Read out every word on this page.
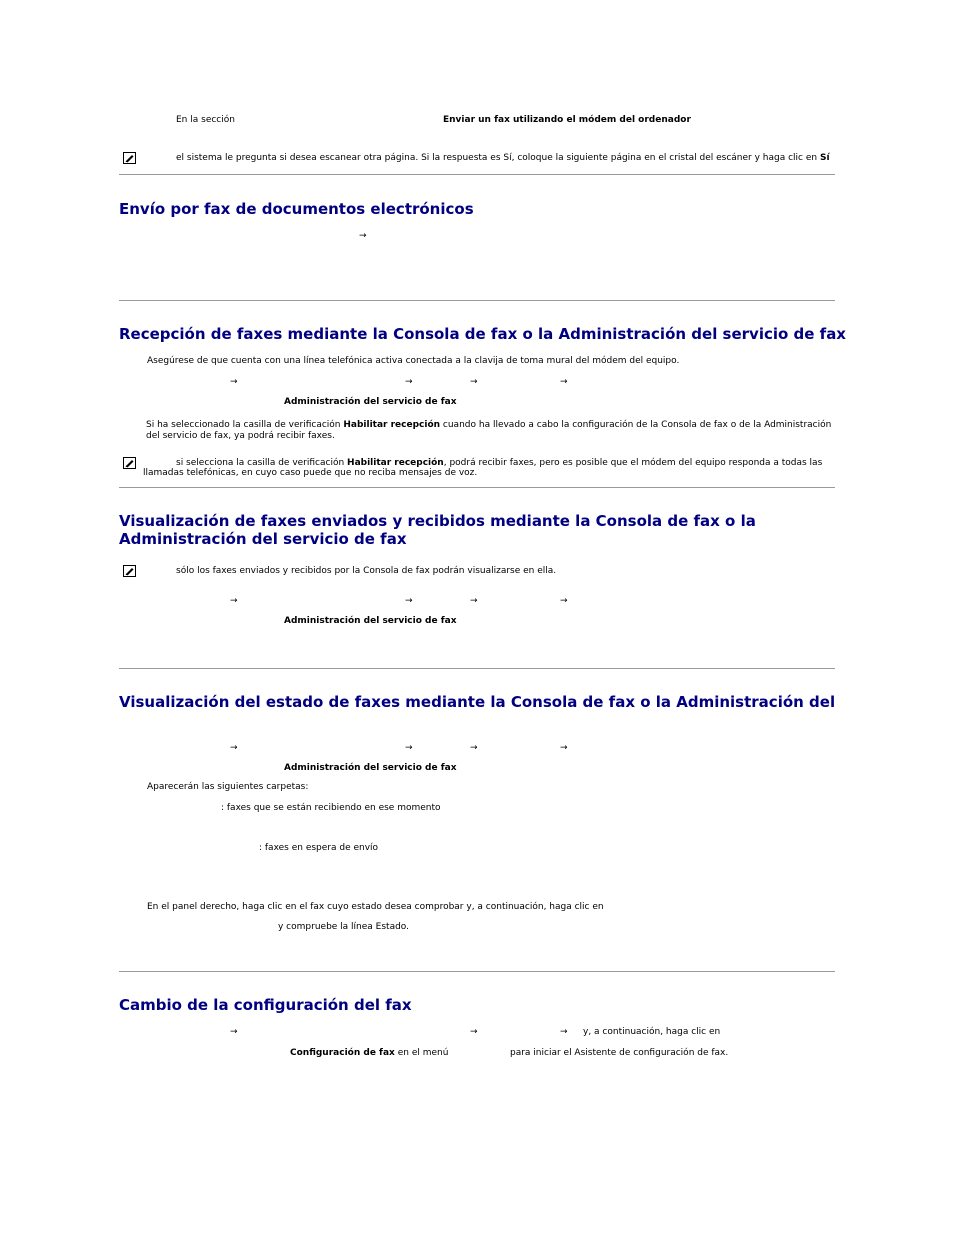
En la sección	Enviar un fax utilizando el módem del ordenador
el sistema le pregunta si desea escanear otra página. Si la respuesta es Sí, coloque la siguiente página en el cristal del escáner y haga clic en Sí
Envío por fax de documentos electrónicos
→
Recepción de faxes mediante la Consola de fax o la Administración del servicio de fax
Asegúrese de que cuenta con una línea telefónica activa conectada a la clavija de toma mural del módem del equipo.
→	→	→	→
Administración del servicio de fax
Si ha seleccionado la casilla de verificación Habilitar recepción cuando ha llevado a cabo la configuración de la Consola de fax o de la Administración del servicio de fax, ya podrá recibir faxes.
si selecciona la casilla de verificación Habilitar recepción, podrá recibir faxes, pero es posible que el módem del equipo responda a todas las
llamadas telefónicas, en cuyo caso puede que no reciba mensajes de voz.
Visualización de faxes enviados y recibidos mediante la Consola de fax o la
Administración del servicio de fax
sólo los faxes enviados y recibidos por la Consola de fax podrán visualizarse en ella.
→	→	→	→
Administración del servicio de fax
Visualización del estado de faxes mediante la Consola de fax o la Administración del
→	→	→	→
Administración del servicio de fax
Aparecerán las siguientes carpetas:
: faxes que se están recibiendo en ese momento
: faxes en espera de envío
En el panel derecho, haga clic en el fax cuyo estado desea comprobar y, a continuación, haga clic en
y compruebe la línea Estado.
Cambio de la configuración del fax
→	→	→ y, a continuación, haga clic en
Configuración de fax en el menú	para iniciar el Asistente de configuración de fax.
